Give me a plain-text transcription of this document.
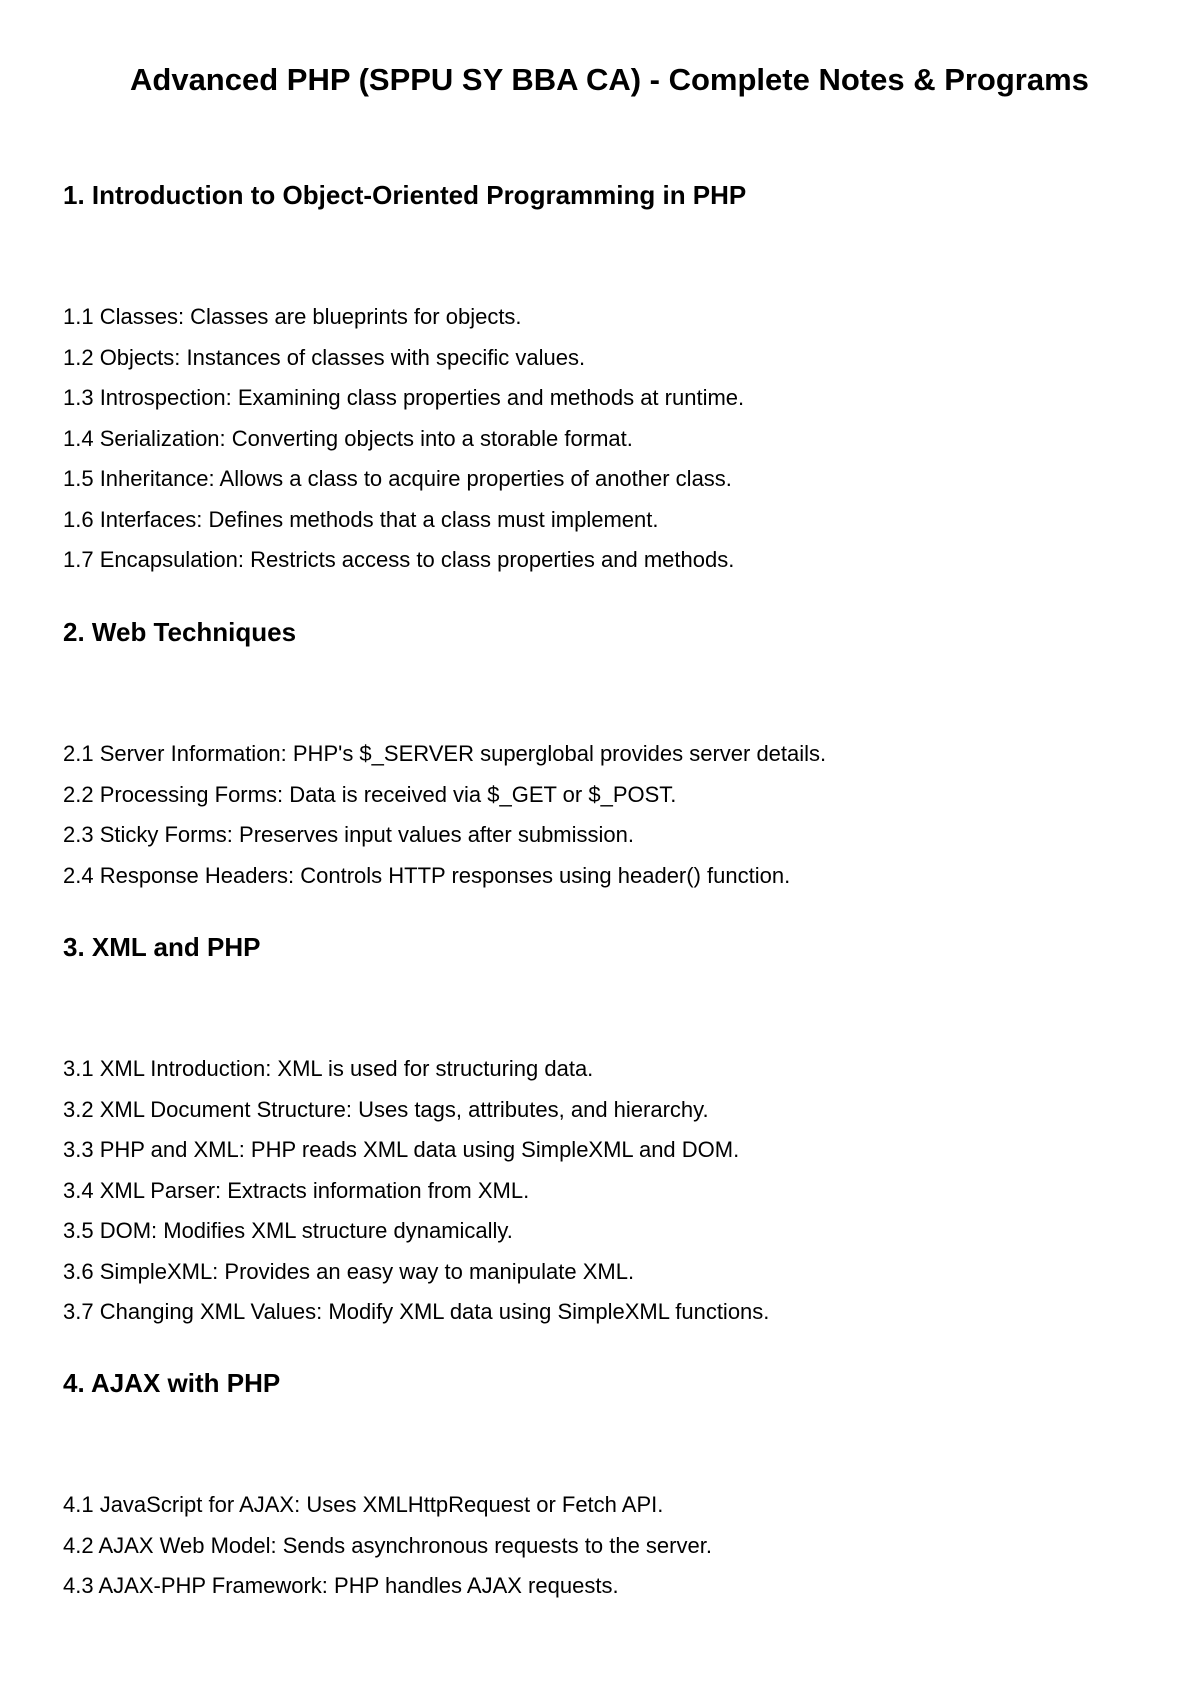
Advanced PHP (SPPU SY BBA CA) - Complete Notes & Programs
1. Introduction to Object-Oriented Programming in PHP
1.1 Classes: Classes are blueprints for objects.
1.2 Objects: Instances of classes with specific values.
1.3 Introspection: Examining class properties and methods at runtime.
1.4 Serialization: Converting objects into a storable format.
1.5 Inheritance: Allows a class to acquire properties of another class.
1.6 Interfaces: Defines methods that a class must implement.
1.7 Encapsulation: Restricts access to class properties and methods.
2. Web Techniques
2.1 Server Information: PHP's $_SERVER superglobal provides server details.
2.2 Processing Forms: Data is received via $_GET or $_POST.
2.3 Sticky Forms: Preserves input values after submission.
2.4 Response Headers: Controls HTTP responses using header() function.
3. XML and PHP
3.1 XML Introduction: XML is used for structuring data.
3.2 XML Document Structure: Uses tags, attributes, and hierarchy.
3.3 PHP and XML: PHP reads XML data using SimpleXML and DOM.
3.4 XML Parser: Extracts information from XML.
3.5 DOM: Modifies XML structure dynamically.
3.6 SimpleXML: Provides an easy way to manipulate XML.
3.7 Changing XML Values: Modify XML data using SimpleXML functions.
4. AJAX with PHP
4.1 JavaScript for AJAX: Uses XMLHttpRequest or Fetch API.
4.2 AJAX Web Model: Sends asynchronous requests to the server.
4.3 AJAX-PHP Framework: PHP handles AJAX requests.
